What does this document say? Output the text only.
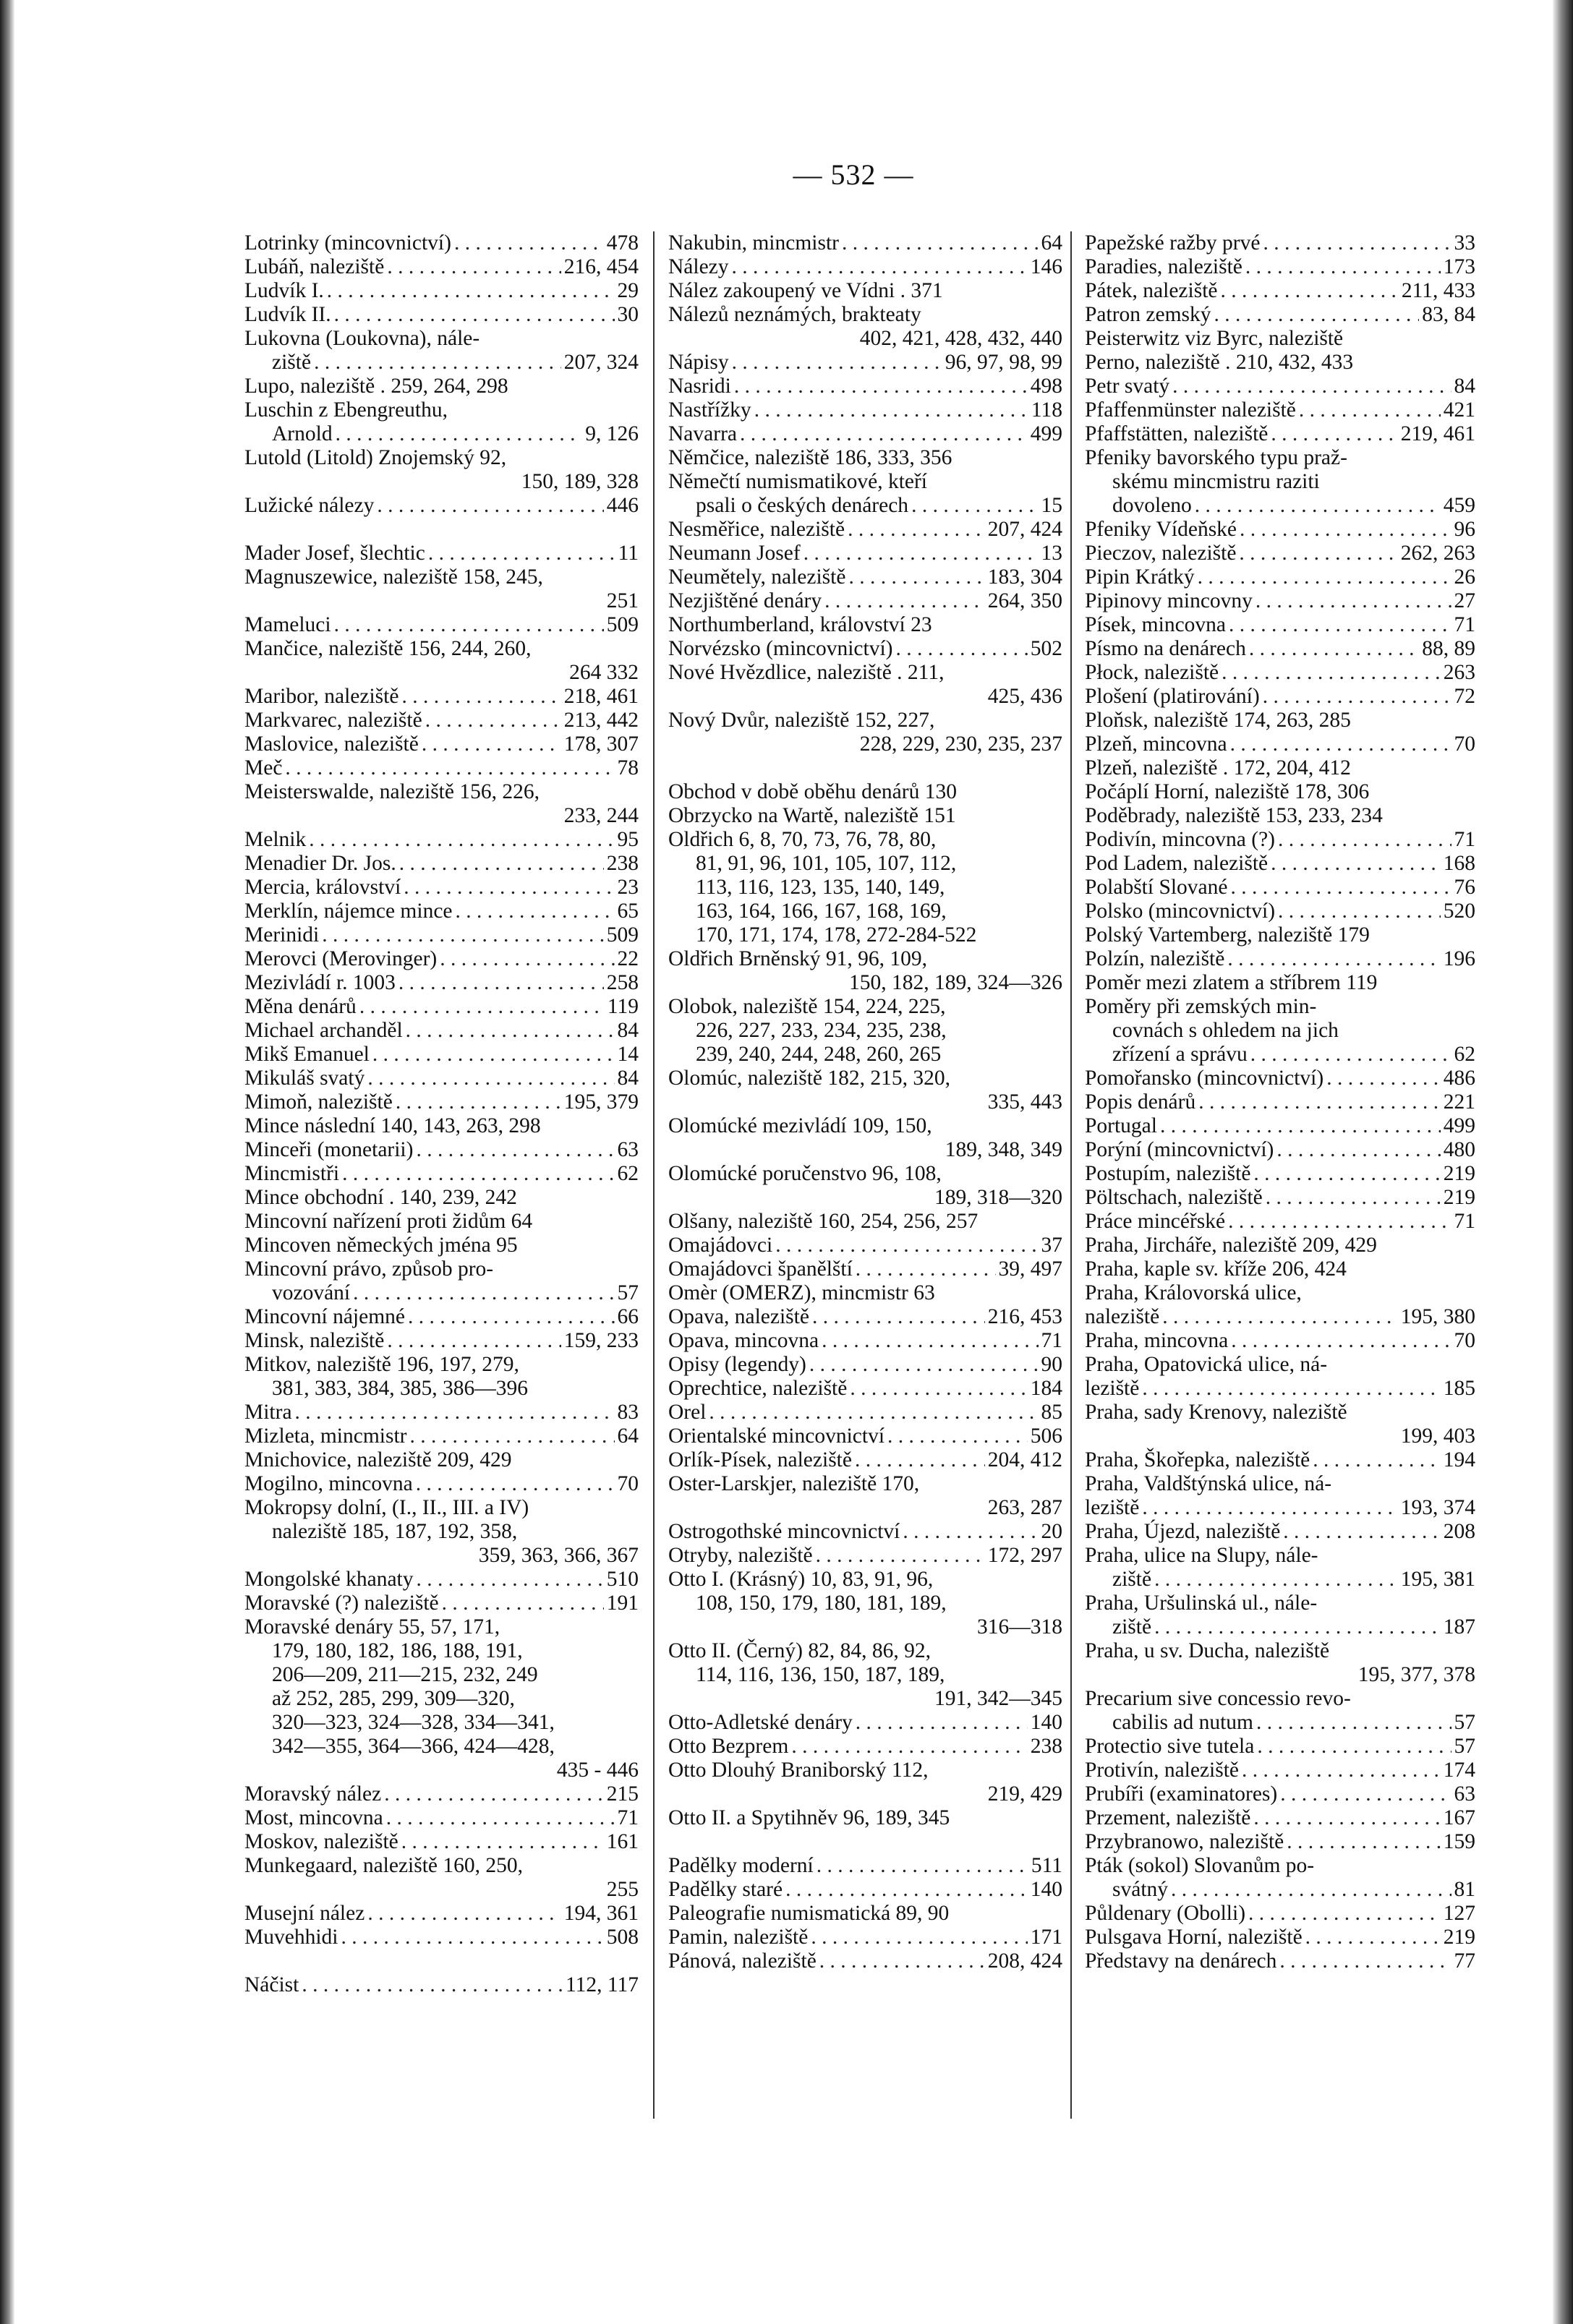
— 532 —
Lotrinky (mincovnictví) . . .	478
Lubáň, naleziště . . .	216, 454
Ludvík I. . . .	29
Ludvík II. . . .	30
Lukovna (Loukovna), nále-
ziště . . .	207, 324
Lupo, naleziště . 259, 264, 298
Luschin z Ebengreuthu,
Arnold . . .	9, 126
Lutold (Litold) Znojemský 92,
150, 189, 328
Lužické nálezy . . .	446
Mader Josef, šlechtic . . .	11
Magnuszewice, naleziště 158, 245,
251
Mameluci . . .	509
Mančice, naleziště 156, 244, 260,
264 332
Maribor, naleziště . . .	218, 461
Markvarec, naleziště . . .	213, 442
Maslovice, naleziště . . .	178, 307
Meč . . .	78
Meisterswalde, naleziště 156, 226,
233, 244
Melnik . . .	95
Menadier Dr. Jos. . . .	238
Mercia, království . . .	23
Merklín, nájemce mince . . .	65
Merinidi . . .	509
Merovci (Merovinger) . . .	22
Mezivládí r. 1003 . . .	258
Měna denárů . . .	119
Michael archanděl . . .	84
Mikš Emanuel . . .	14
Mikuláš svatý . . .	84
Mimoň, naleziště . . .	195, 379
Mince následní 140, 143, 263, 298
Minceři (monetarii) . . .	63
Mincmistři . . .	62
Mince obchodní . 140, 239, 242
Mincovní nařízení proti židům 64
Mincoven německých jména 95
Mincovní právo, způsob pro-
vozování . . .	57
Mincovní nájemné . . .	66
Minsk, naleziště . . .	159, 233
Mitkov, naleziště 196, 197, 279,
381, 383, 384, 385, 386—396
Mitra . . .	83
Mizleta, mincmistr . . .	64
Mnichovice, naleziště 209, 429
Mogilno, mincovna . . .	70
Mokropsy dolní, (I., II., III. a IV)
naleziště 185, 187, 192, 358,
359, 363, 366, 367
Mongolské khanaty . . .	510
Moravské (?) naleziště . . .	191
Moravské denáry 55, 57, 171,
179, 180, 182, 186, 188, 191,
206—209, 211—215, 232, 249
až 252, 285, 299, 309—320,
320—323, 324—328, 334—341,
342—355, 364—366, 424—428,
435 - 446
Moravský nález . . .	215
Most, mincovna . . .	71
Moskov, naleziště . . .	161
Munkegaard, naleziště 160, 250,
255
Musejní nález . . .	194, 361
Muvehhidi . . .	508
Náčist . . .	112, 117
Nakubin, mincmistr . . .	64
Nálezy . . .	146
Nález zakoupený ve Vídni . 371
Nálezů neznámých, brakteaty
402, 421, 428, 432, 440
Nápisy . . .	96, 97, 98, 99
Nasridi . . .	498
Nastřížky . . .	118
Navarra . . .	499
Němčice, naleziště 186, 333, 356
Němečtí numismatikové, kteří
psali o českých denárech . . .	15
Nesměřice, naleziště . . .	207, 424
Neumann Josef . . .	13
Neumětely, naleziště . . .	183, 304
Nezjištěné denáry . . .	264, 350
Northumberland, království 23
Norvézsko (mincovnictví) . . .	502
Nové Hvězdlice, naleziště . 211,
425, 436
Nový Dvůr, naleziště 152, 227,
228, 229, 230, 235, 237
Obchod v době oběhu denárů 130
Obrzycko na Wartě, naleziště 151
Oldřich 6, 8, 70, 73, 76, 78, 80,
81, 91, 96, 101, 105, 107, 112,
113, 116, 123, 135, 140, 149,
163, 164, 166, 167, 168, 169,
170, 171, 174, 178, 272-284-522
Oldřich Brněnský 91, 96, 109,
150, 182, 189, 324—326
Olobok, naleziště 154, 224, 225,
226, 227, 233, 234, 235, 238,
239, 240, 244, 248, 260, 265
Olomúc, naleziště 182, 215, 320,
335, 443
Olomúcké mezivládí 109, 150,
189, 348, 349
Olomúcké poručenstvo 96, 108,
189, 318—320
Olšany, naleziště 160, 254, 256, 257
Omajádovci . . .	37
Omajádovci španělští . . .	39, 497
Omèr (OMERZ), mincmistr 63
Opava, naleziště . . .	216, 453
Opava, mincovna . . .	71
Opisy (legendy) . . .	90
Oprechtice, naleziště . . .	184
Orel . . .	85
Orientalské mincovnictví . . .	506
Orlík-Písek, naleziště . . .	204, 412
Oster-Larskjer, naleziště 170,
263, 287
Ostrogothské mincovnictví . . .	20
Otryby, naleziště . . .	172, 297
Otto I. (Krásný) 10, 83, 91, 96,
108, 150, 179, 180, 181, 189,
316—318
Otto II. (Černý) 82, 84, 86, 92,
114, 116, 136, 150, 187, 189,
191, 342—345
Otto-Adletské denáry . . .	140
Otto Bezprem . . .	238
Otto Dlouhý Braniborský 112,
219, 429
Otto II. a Spytihněv 96, 189, 345
Padělky moderní . . .	511
Padělky staré . . .	140
Paleografie numismatická 89, 90
Pamin, naleziště . . .	171
Pánová, naleziště . . .	208, 424
Papežské ražby prvé . . .	33
Paradies, naleziště . . .	173
Pátek, naleziště . . .	211, 433
Patron zemský . . .	83, 84
Peisterwitz viz Byrc, naleziště
Perno, naleziště . 210, 432, 433
Petr svatý . . .	84
Pfaffenmünster naleziště . . .	421
Pfaffstätten, naleziště . . .	219, 461
Pfeniky bavorského typu praž-
skému mincmistru raziti
dovoleno . . .	459
Pfeniky Vídeňské . . .	96
Pieczov, naleziště . . .	262, 263
Pipin Krátký . . .	26
Pipinovy mincovny . . .	27
Písek, mincovna . . .	71
Písmo na denárech . . .	88, 89
Płock, naleziště . . .	263
Plošení (platirování) . . .	72
Ploňsk, naleziště 174, 263, 285
Plzeň, mincovna . . .	70
Plzeň, naleziště . 172, 204, 412
Počáplí Horní, naleziště 178, 306
Poděbrady, naleziště 153, 233, 234
Podivín, mincovna (?) . . .	71
Pod Ladem, naleziště . . .	168
Polabští Slované . . .	76
Polsko (mincovnictví) . . .	520
Polský Vartemberg, naleziště 179
Polzín, naleziště . . .	196
Poměr mezi zlatem a stříbrem 119
Poměry při zemských min-
covnách s ohledem na jich
zřízení a správu . . .	62
Pomořansko (mincovnictví) . . .	486
Popis denárů . . .	221
Portugal . . .	499
Porýní (mincovnictví) . . .	480
Postupím, naleziště . . .	219
Pöltschach, naleziště . . .	219
Práce mincéřské . . .	71
Praha, Jircháře, naleziště 209, 429
Praha, kaple sv. kříže 206, 424
Praha, Královorská ulice,
naleziště . . .	195, 380
Praha, mincovna . . .	70
Praha, Opatovická ulice, ná-
leziště . . .	185
Praha, sady Krenovy, naleziště
199, 403
Praha, Škořepka, naleziště . . .	194
Praha, Valdštýnská ulice, ná-
leziště . . .	193, 374
Praha, Újezd, naleziště . . .	208
Praha, ulice na Slupy, nále-
ziště . . .	195, 381
Praha, Uršulinská ul., nále-
ziště . . .	187
Praha, u sv. Ducha, naleziště
195, 377, 378
Precarium sive concessio revo-
cabilis ad nutum . . .	57
Protectio sive tutela . . .	57
Protivín, naleziště . . .	174
Prubíři (examinatores) . . .	63
Przement, naleziště . . .	167
Przybranowo, naleziště . . .	159
Pták (sokol) Slovanům po-
svátný . . .	81
Půldenary (Obolli) . . .	127
Pulsgava Horní, naleziště . . .	219
Představy na denárech . . .	77
